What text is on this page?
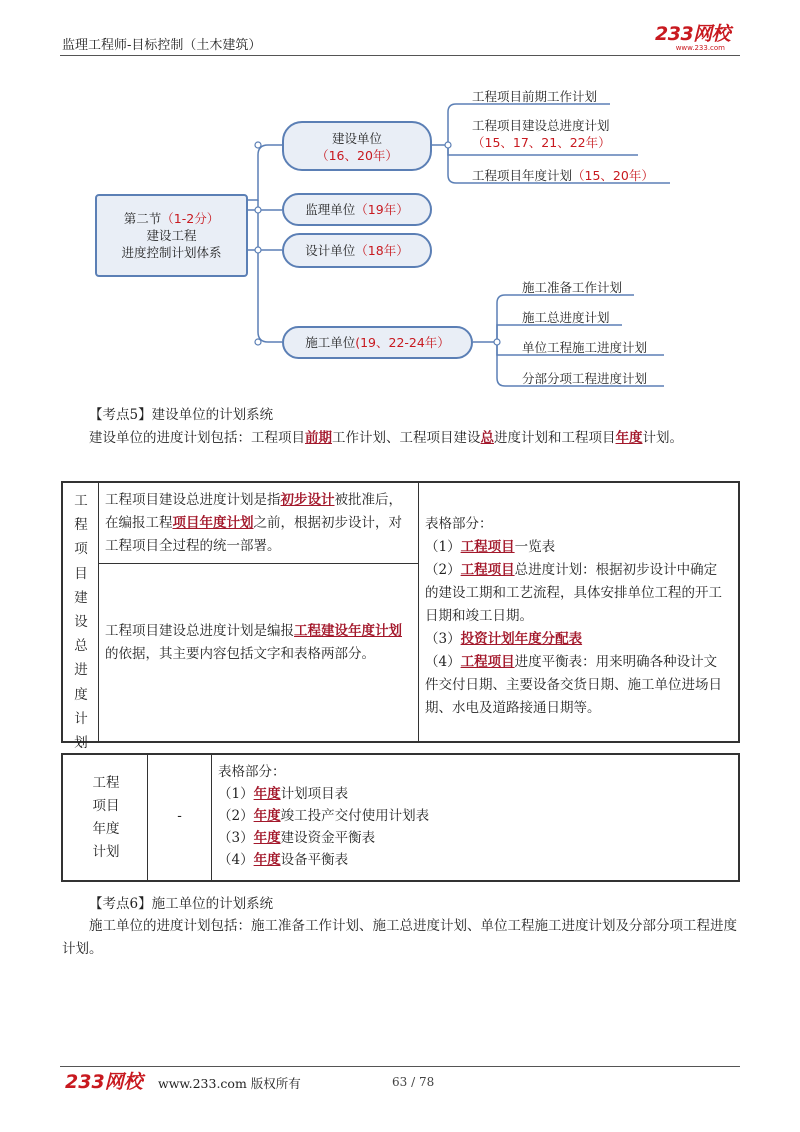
监理工程师-目标控制（土木建筑）
233网校
www.233.com
第二节（1-2分）
建设工程
进度控制计划体系
建设单位
（16、20年）
监理单位（19年）
设计单位（18年）
施工单位(19、22-24年）
工程项目前期工作计划
工程项目建设总进度计划
（15、17、21、22年）
工程项目年度计划（15、20年）
施工准备工作计划
施工总进度计划
单位工程施工进度计划
分部分项工程进度计划
【考点5】建设单位的计划系统
建设单位的进度计划包括：工程项目前期工作计划、工程项目建设总进度计划和工程项目年度计划。
工程项目建设总进度计划
工程项目建设总进度计划是指初步设计被批准后，在编报工程项目年度计划之前，根据初步设计，对工程项目全过程的统一部署。
工程项目建设总进度计划是编报工程建设年度计划的依据，其主要内容包括文字和表格两部分。
表格部分：
（1）工程项目一览表
（2）工程项目总进度计划：根据初步设计中确定的建设工期和工艺流程，具体安排单位工程的开工日期和竣工日期。
（3）投资计划年度分配表
（4）工程项目进度平衡表：用来明确各种设计文件交付日期、主要设备交货日期、施工单位进场日期、水电及道路接通日期等。
工程项目年度计划
-
表格部分：
（1）年度计划项目表
（2）年度竣工投产交付使用计划表
（3）年度建设资金平衡表
（4）年度设备平衡表
【考点6】施工单位的计划系统
施工单位的进度计划包括：施工准备工作计划、施工总进度计划、单位工程施工进度计划及分部分项工程进度计划。
233网校 www.233.com 版权所有	63 / 78
